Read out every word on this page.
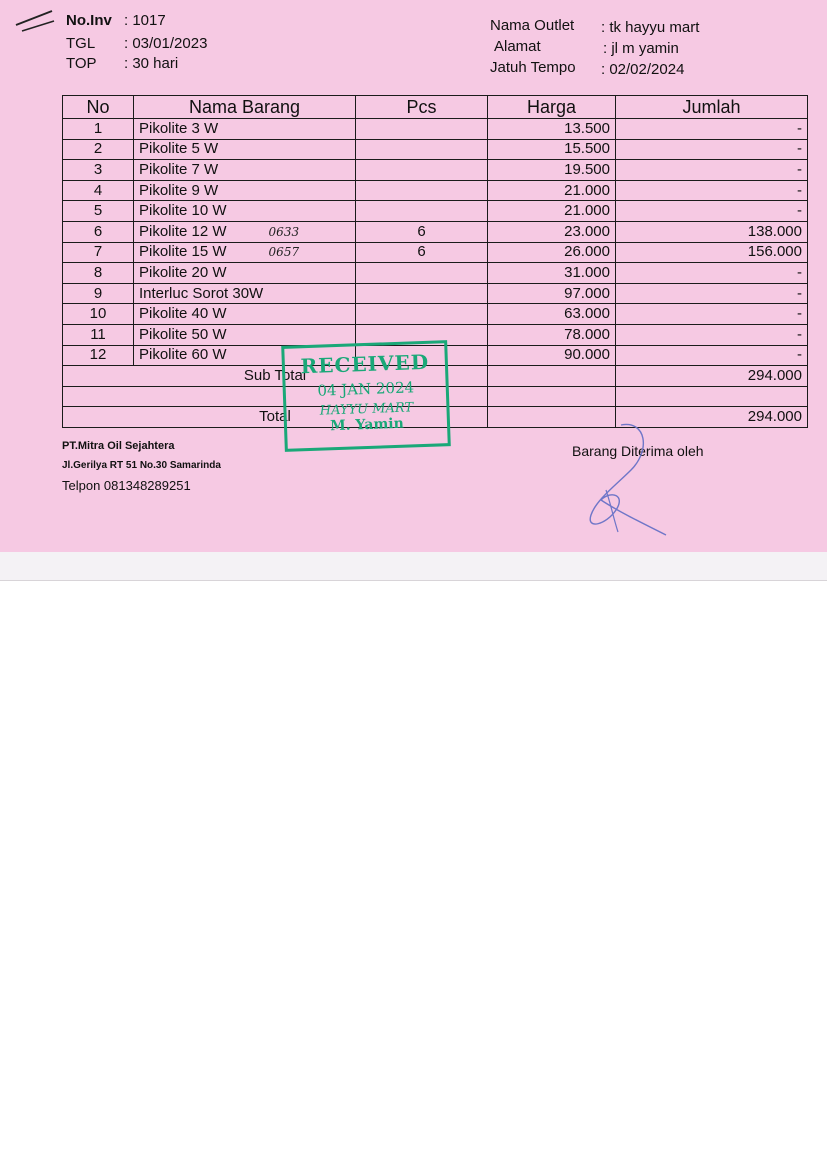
No.Inv : 1017
TGL : 03/01/2023
TOP : 30 hari
Nama Outlet : tk hayyu mart
Alamat	: jl m yamin
Jatuh Tempo : 02/02/2024
No	Nama Barang	Pcs	Harga	Jumlah
1	Pikolite 3 W		13.500	-
2	Pikolite 5 W		15.500	-
3	Pikolite 7 W		19.500	-
4	Pikolite 9 W		21.000	-
5	Pikolite 10 W		21.000	-
6	Pikolite 12 W 0633	6	23.000	138.000
7	Pikolite 15 W 0657	6	26.000	156.000
8	Pikolite 20 W		31.000	-
9	Interluc Sorot 30W		97.000	-
10	Pikolite 40 W		63.000	-
11	Pikolite 50 W		78.000	-
12	Pikolite 60 W		90.000	-
Sub Total				294.000

Total				294.000
RECEIVED
04 JAN 2024
HAYYU MART
M. Yamin
PT.Mitra Oil Sejahtera
Jl.Gerilya RT 51 No.30 Samarinda
Telpon 081348289251
Barang Diterima oleh
